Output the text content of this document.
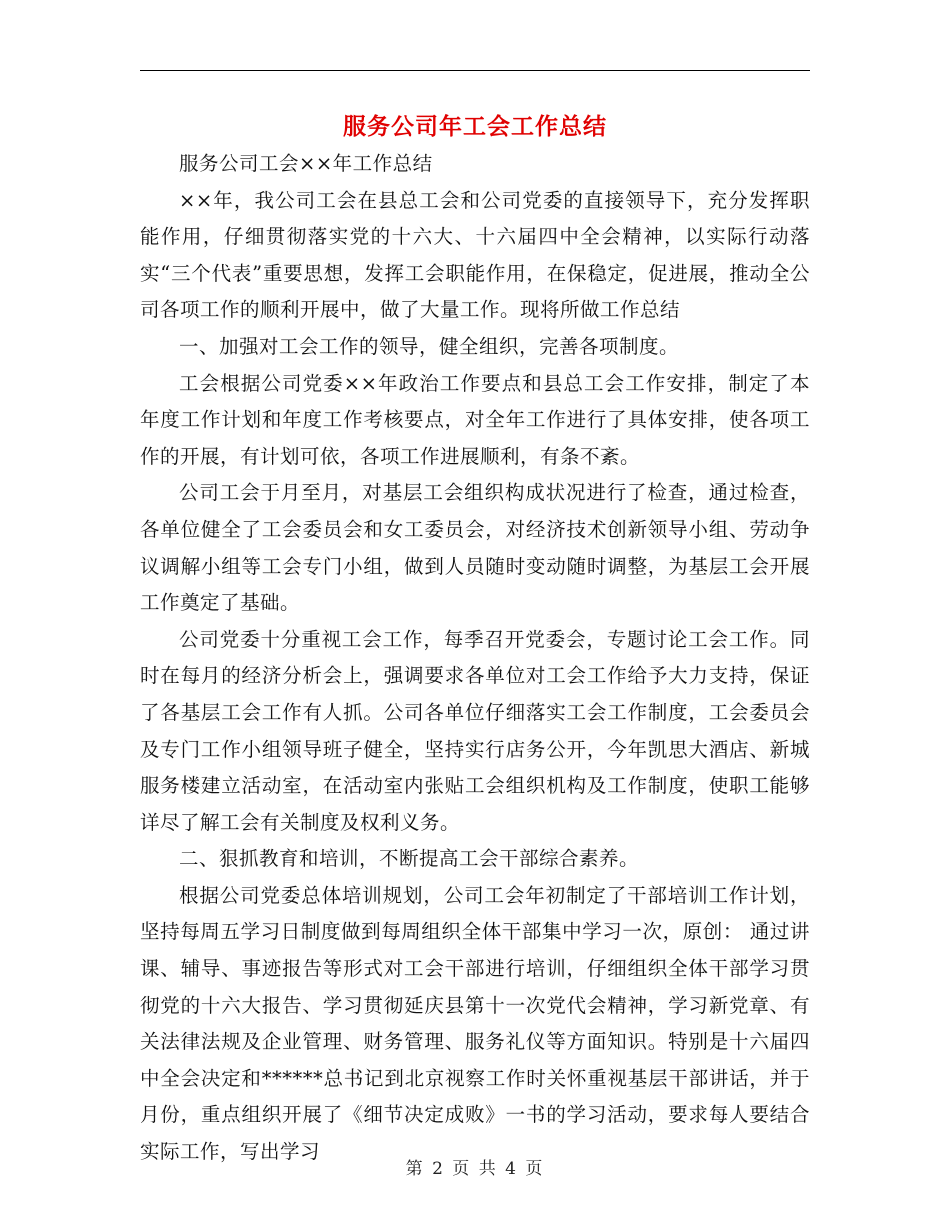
服务公司年工会工作总结

服务公司工会××年工作总结

××年，我公司工会在县总工会和公司党委的直接领导下，充分发挥职能作用，仔细贯彻落实党的十六大、十六届四中全会精神，以实际行动落实“三个代表”重要思想，发挥工会职能作用，在保稳定，促进展，推动全公司各项工作的顺利开展中，做了大量工作。现将所做工作总结

一、加强对工会工作的领导，健全组织，完善各项制度。

工会根据公司党委××年政治工作要点和县总工会工作安排，制定了本年度工作计划和年度工作考核要点，对全年工作进行了具体安排，使各项工作的开展，有计划可依，各项工作进展顺利，有条不紊。

公司工会于月至月，对基层工会组织构成状况进行了检查，通过检查，各单位健全了工会委员会和女工委员会，对经济技术创新领导小组、劳动争议调解小组等工会专门小组，做到人员随时变动随时调整，为基层工会开展工作奠定了基础。

公司党委十分重视工会工作，每季召开党委会，专题讨论工会工作。同时在每月的经济分析会上，强调要求各单位对工会工作给予大力支持，保证了各基层工会工作有人抓。公司各单位仔细落实工会工作制度，工会委员会及专门工作小组领导班子健全，坚持实行店务公开，今年凯思大酒店、新城服务楼建立活动室，在活动室内张贴工会组织机构及工作制度，使职工能够详尽了解工会有关制度及权利义务。

二、狠抓教育和培训，不断提高工会干部综合素养。

根据公司党委总体培训规划，公司工会年初制定了干部培训工作计划，坚持每周五学习日制度做到每周组织全体干部集中学习一次，原创： 通过讲课、辅导、事迹报告等形式对工会干部进行培训，仔细组织全体干部学习贯彻党的十六大报告、学习贯彻延庆县第十一次党代会精神，学习新党章、有关法律法规及企业管理、财务管理、服务礼仪等方面知识。特别是十六届四中全会决定和******总书记到北京视察工作时关怀重视基层干部讲话，并于月份，重点组织开展了《细节决定成败》一书的学习活动，要求每人要结合实际工作，写出学习

第 2 页 共 4 页
